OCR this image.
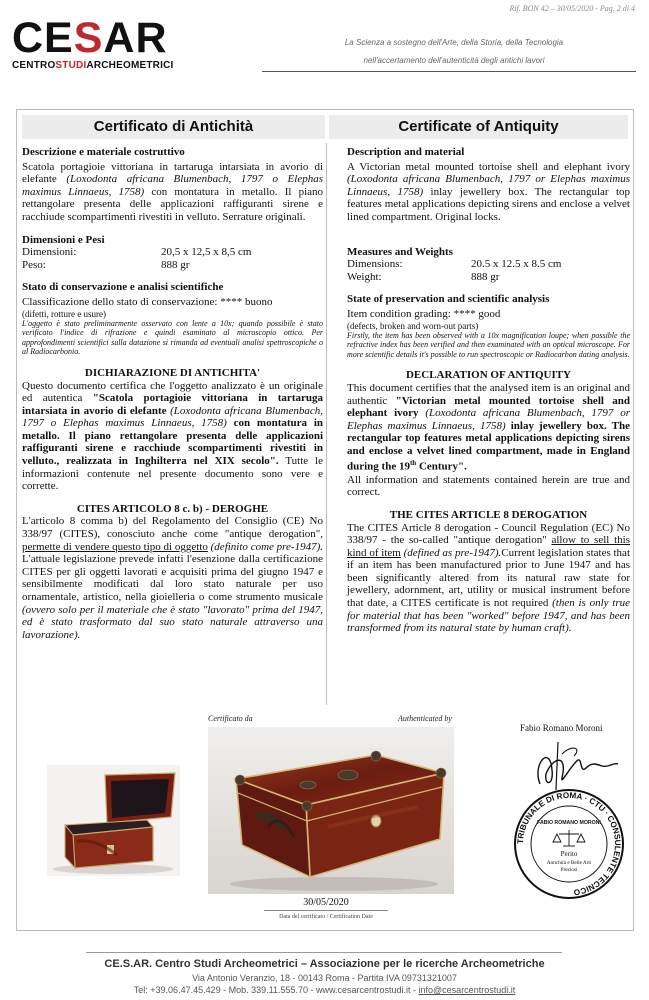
Rif. BON 42 – 30/05/2020 - Pag. 2 di 4
CESAR
CENTROSTUDIARCHEOMETRICI
La Scienza a sostegno dell'Arte, della Storia, della Tecnologia
nell'accertamento dell'autenticità degli antichi lavori
Certificato di Antichità	Certificate of Antiquity
Descrizione e materiale costruttivo
Scatola portagioie vittoriana in tartaruga intarsiata in avorio di elefante (Loxodonta africana Blumenbach, 1797 o Elephas maximus Linnaeus, 1758) con montatura in metallo. Il piano rettangolare presenta delle applicazioni raffiguranti sirene e racchiude scompartimenti rivestiti in velluto. Serrature originali.
Dimensioni e Pesi
Dimensioni:	20,5 x 12,5 x 8,5 cm
Peso:	888 gr
Stato di conservazione e analisi scientifiche
Classificazione dello stato di conservazione: **** buono
(difetti, rotture e usure)
L'oggetto è stato preliminarmente osservato con lente a 10x; quando possibile è stato verificato l'indice di rifrazione e quindi esaminato al microscopio ottico. Per approfondimenti scientifici sulla datazione si rimanda ad eventuali analisi spettroscopiche o al Radiocarbonio.
DICHIARAZIONE DI ANTICHITA'
Questo documento certifica che l'oggetto analizzato è un originale ed autentica "Scatola portagioie vittoriana in tartaruga intarsiata in avorio di elefante (Loxodonta africana Blumenbach, 1797 o Elephas maximus Linnaeus, 1758) con montatura in metallo. Il piano rettangolare presenta delle applicazioni raffiguranti sirene e racchiude scompartimenti rivestiti in velluto., realizzata in Inghilterra nel XIX secolo". Tutte le informazioni contenute nel presente documento sono vere e corrette.
CITES ARTICOLO 8 c. b) - DEROGHE
L'articolo 8 comma b) del Regolamento del Consiglio (CE) No 338/97 (CITES), conosciuto anche come "antique derogation", permette di vendere questo tipo di oggetto (definito come pre-1947). L'attuale legislazione prevede infatti l'esenzione dalla certificazione CITES per gli oggetti lavorati e acquisiti prima del giugno 1947 e sensibilmente modificati dal loro stato naturale per uso ornamentale, artistico, nella gioielleria o come strumento musicale (ovvero solo per il materiale che è stato "lavorato" prima del 1947, ed è stato trasformato dal suo stato naturale attraverso una lavorazione).
Description and material
A Victorian metal mounted tortoise shell and elephant ivory (Loxodonta africana Blumenbach, 1797 or Elephas maximus Linnaeus, 1758) inlay jewellery box. The rectangular top features metal applications depicting sirens and enclose a velvet lined compartment. Original locks.
Measures and Weights
Dimensions:	20.5 x 12.5 x 8.5 cm
Weight:	888 gr
State of preservation and scientific analysis
Item condition grading: **** good
(defects, broken and worn-out parts)
Firstly, the item has been observed with a 10x magnification loupe; when possible the refractive index has been verified and then examinated with an optical microscope. For more scientific details it's possible to run spectroscopic or Radiocarbon dating analysis.
DECLARATION OF ANTIQUITY
This document certifies that the analysed item is an original and authentic "Victorian metal mounted tortoise shell and elephant ivory (Loxodonta africana Blumenbach, 1797 or Elephas maximus Linnaeus, 1758) inlay jewellery box. The rectangular top features metal applications depicting sirens and enclose a velvet lined compartment, made in England during the 19th Century".
All information and statements contained herein are true and correct.
THE CITES ARTICLE 8 DEROGATION
The CITES Article 8 derogation - Council Regulation (EC) No 338/97 - the so-called "antique derogation" allow to sell this kind of item (defined as pre-1947).Current legislation states that if an item has been manufactured prior to June 1947 and has been significantly altered from its natural raw state for jewellery, adornment, art, utility or musical instrument before that date, a CITES certificate is not required (then is only true for material that has been "worked" before 1947, and has been transformed from its natural state by human craft).
Certificato da	Authenticated by
30/05/2020
Data del certificato / Certification Date
Fabio Romano Moroni
TRIBUNALE DI ROMA · CTU · CONSULENTE TECNICO
FABIO ROMANO MORONI
Perito
Antichità e Belle Arti
Preziosi
CE.S.AR. Centro Studi Archeometrici – Associazione per le ricerche Archeometriche
Via Antonio Veranzio, 18 - 00143 Roma - Partita IVA 09731321007
Tel: +39.06.47.45.429 - Mob. 339.11.555.70 - www.cesarcentrostudi.it - info@cesarcentrostudi.it
